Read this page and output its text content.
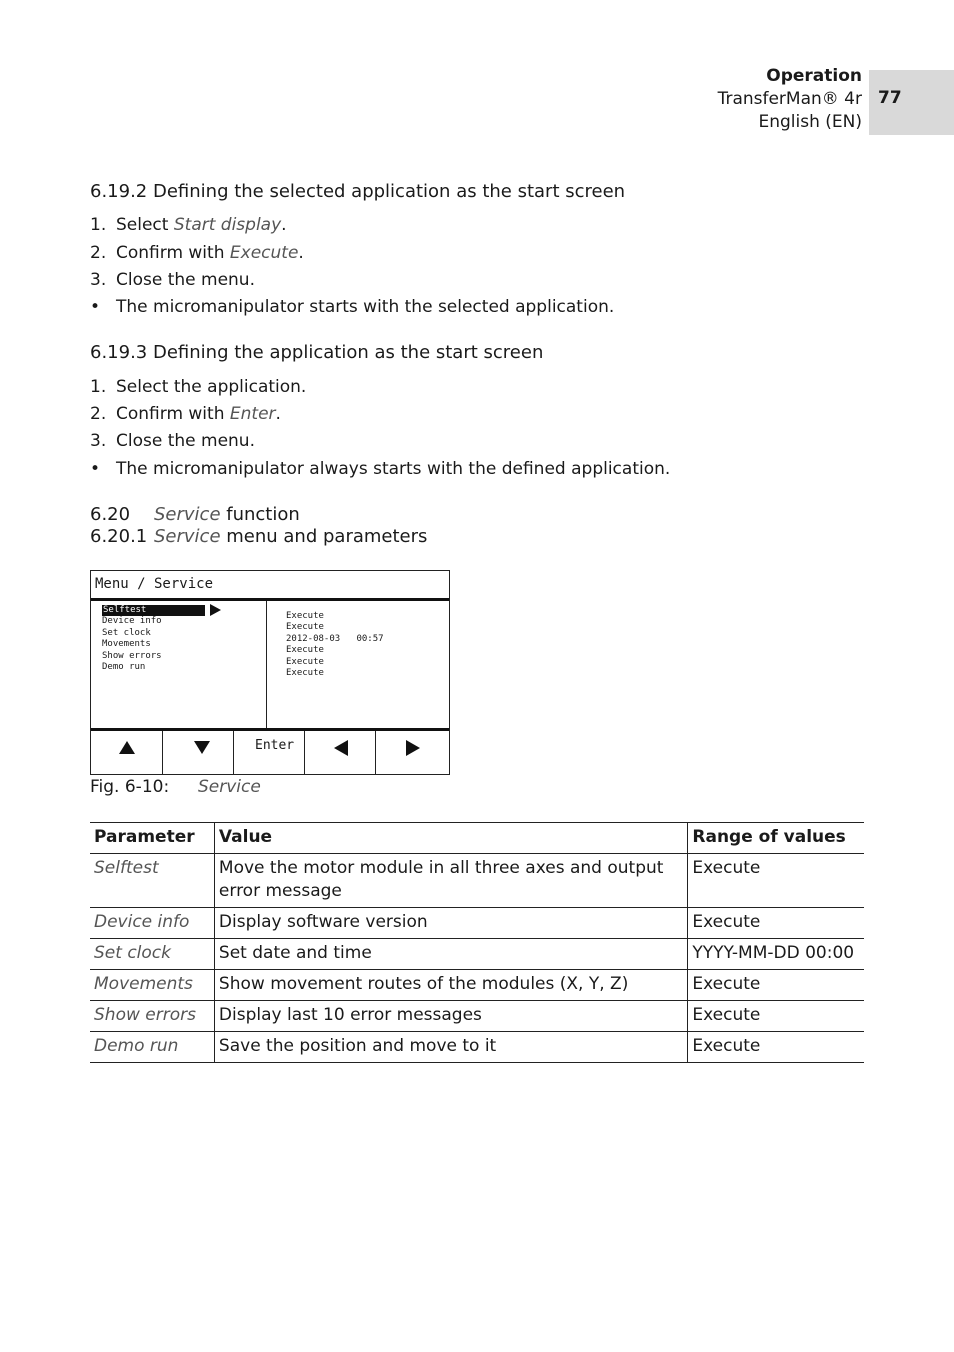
Operation
TransferMan® 4r
English (EN)
77
6.19.2 Defining the selected application as the start screen
1. Select Start display.
2. Confirm with Execute.
3. Close the menu.
• The micromanipulator starts with the selected application.
6.19.3 Defining the application as the start screen
1. Select the application.
2. Confirm with Enter.
3. Close the menu.
• The micromanipulator always starts with the defined application.
6.20 Service function
6.20.1 Service menu and parameters
Menu / Service
Selftest
Device info
Set clock
Movements
Show errors
Demo run
Execute
Execute
2012-08-03   00:57
Execute
Execute
Execute
Enter
Fig. 6-10: Service
Parameter	Value	Range of values
Selftest	Move the motor module in all three axes and output error message	Execute
Device info	Display software version	Execute
Set clock	Set date and time	YYYY-MM-DD 00:00
Movements	Show movement routes of the modules (X, Y, Z)	Execute
Show errors	Display last 10 error messages	Execute
Demo run	Save the position and move to it	Execute
